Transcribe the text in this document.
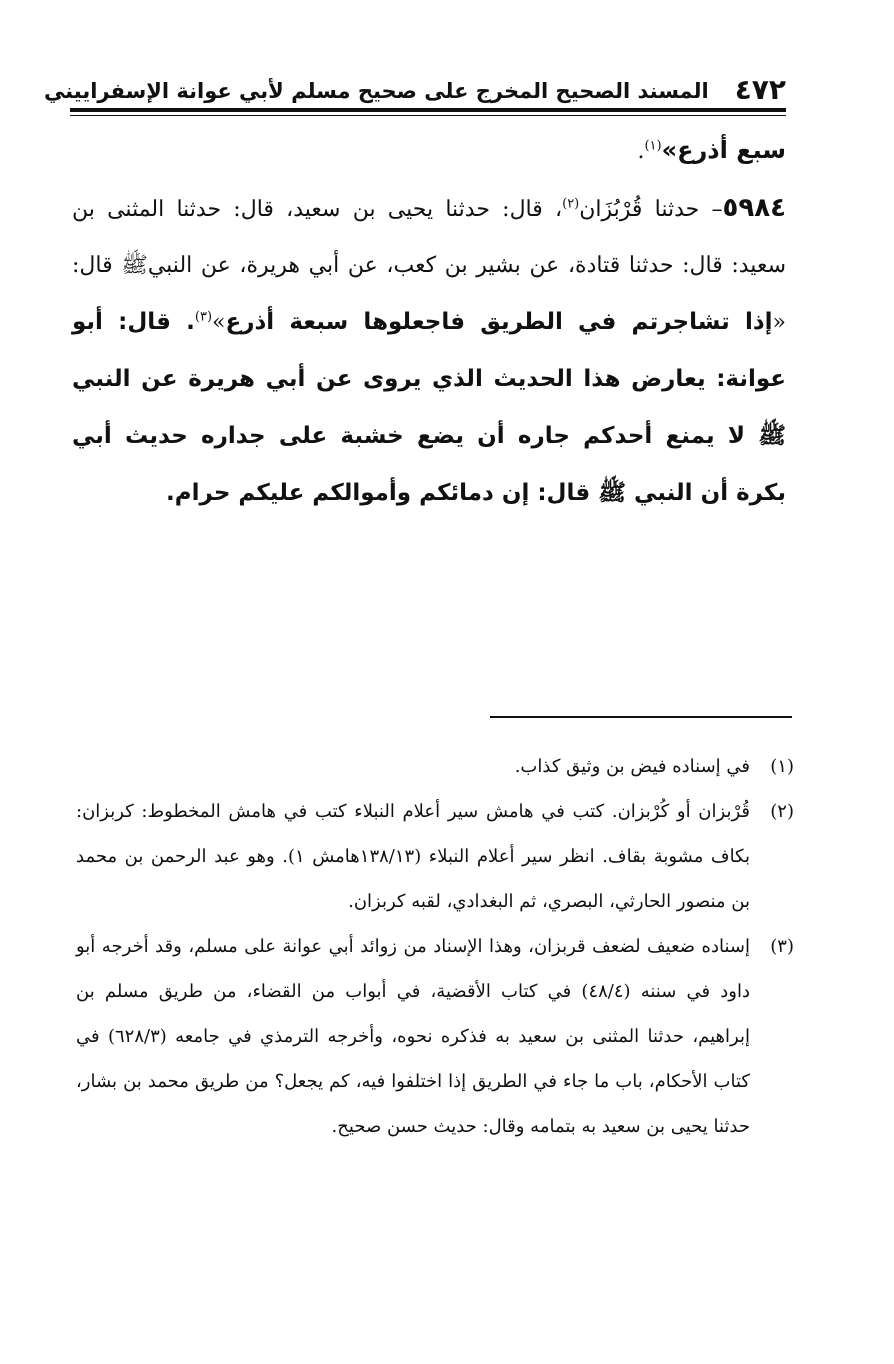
٤٧٢
المسند الصحيح المخرج على صحيح مسلم لأبي عوانة الإسفراييني

سبع أذرع»$^{(١)}$.

٥٩٨٤– حدثنا قُرْبُزَان$^{(٢)}$، قال: حدثنا يحيى بن سعيد، قال: حدثنا المثنى بن سعيد: قال: حدثنا قتادة، عن بشير بن كعب، عن أبي هريرة، عن النبيﷺ قال: «إذا تشاجرتم في الطريق فاجعلوها سبعة أذرع»$^{(٣)}$. قال: أبو عوانة: يعارض هذا الحديث الذي يروى عن أبي هريرة عن النبي ﷺ لا يمنع أحدكم جاره أن يضع خشبة على جداره حديث أبي بكرة أن النبي ﷺ قال: إن دمائكم وأموالكم عليكم حرام.

(١)
في إسناده فيض بن وثيق كذاب.
(٢)
قُرْبزان أو كُرْبزان. كتب في هامش سير أعلام النبلاء كتب في هامش المخطوط: كربزان: بكاف مشوبة بقاف. انظر سير أعلام النبلاء (١٣٨/١٣هامش ١). وهو عبد الرحمن بن محمد بن منصور الحارثي، البصري، ثم البغدادي، لقبه كربزان.
(٣)
إسناده ضعيف لضعف قربزان، وهذا الإسناد من زوائد أبي عوانة على مسلم، وقد أخرجه أبو داود في سننه (٤٨/٤) في كتاب الأقضية، في أبواب من القضاء، من طريق مسلم بن إبراهيم، حدثنا المثنى بن سعيد به فذكره نحوه، وأخرجه الترمذي في جامعه (٦٢٨/٣) في كتاب الأحكام، باب ما جاء في الطريق إذا اختلفوا فيه، كم يجعل؟ من طريق محمد بن بشار، حدثنا يحيى بن سعيد به بتمامه وقال: حديث حسن صحيح.
